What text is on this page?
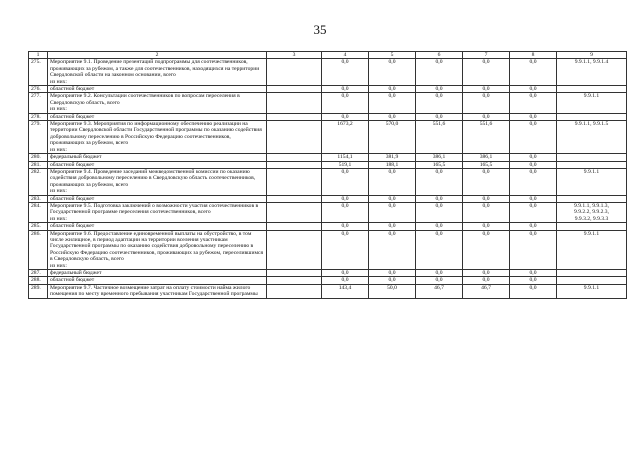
35
1	2	3	4	5	6	7	8	9
275.	Мероприятие 9.1. Проведение презентаций подпрограммы для соотечественников, проживающих за рубежом, а также для соотечественников, находящихся на территории Свердловской области на законном основании, всего
из них:		0,0	0,0	0,0	0,0	0,0	9.9.1.1, 9.9.1.4
276.	областной бюджет		0,0	0,0	0,0	0,0	0,0	
277.	Мероприятие 9.2. Консультации соотечественников по вопросам переселения в Свердловскую область, всего
из них:		0,0	0,0	0,0	0,0	0,0	9.9.1.1
278.	областной бюджет		0,0	0,0	0,0	0,0	0,0	
279.	Мероприятие 9.3. Мероприятия по информационному обеспечению реализации на территории Свердловской области Государственной программы по оказанию содействия добровольному переселению в Российскую Федерацию соотечественников, проживающих за рубежом, всего
из них:		1673,2	570,0	551,6	551,6	0,0	9.9.1.1, 9.9.1.5
280.	федеральный бюджет		1154,1	381,9	386,1	386,1	0,0	
281.	областной бюджет		519,1	188,1	165,5	165,5	0,0	
282.	Мероприятие 9.4. Проведение заседаний межведомственной комиссии по оказанию содействия добровольному переселению в Свердловскую область соотечественников, проживающих за рубежом, всего
из них:		0,0	0,0	0,0	0,0	0,0	9.9.1.1
283.	областной бюджет		0,0	0,0	0,0	0,0	0,0	
284.	Мероприятие 9.5. Подготовка заключений о возможности участия соотечественников в Государственной программе переселения соотечественников, всего
из них:		0,0	0,0	0,0	0,0	0,0	9.9.1.1, 9.9.1.3,
9.9.2.2, 9.9.2.3,
9.9.3.2, 9.9.3.3
285.	областной бюджет		0,0	0,0	0,0	0,0	0,0	
286.	Мероприятие 9.6. Предоставление единовременной выплаты на обустройство, в том числе жилищное, в период адаптации на территории вселения участникам Государственной программы по оказанию содействия добровольному переселению в Российскую Федерацию соотечественников, проживающих за рубежом, переселившимся в Свердловскую область, всего
из них:		0,0	0,0	0,0	0,0	0,0	9.9.1.1
287.	федеральный бюджет		0,0	0,0	0,0	0,0	0,0	
288.	областной бюджет		0,0	0,0	0,0	0,0	0,0	
289.	Мероприятие 9.7. Частичное возмещение затрат на оплату стоимости найма жилого помещения по месту временного пребывания участникам Государственной программы		143,4	50,0	46,7	46,7	0,0	9.9.1.1
